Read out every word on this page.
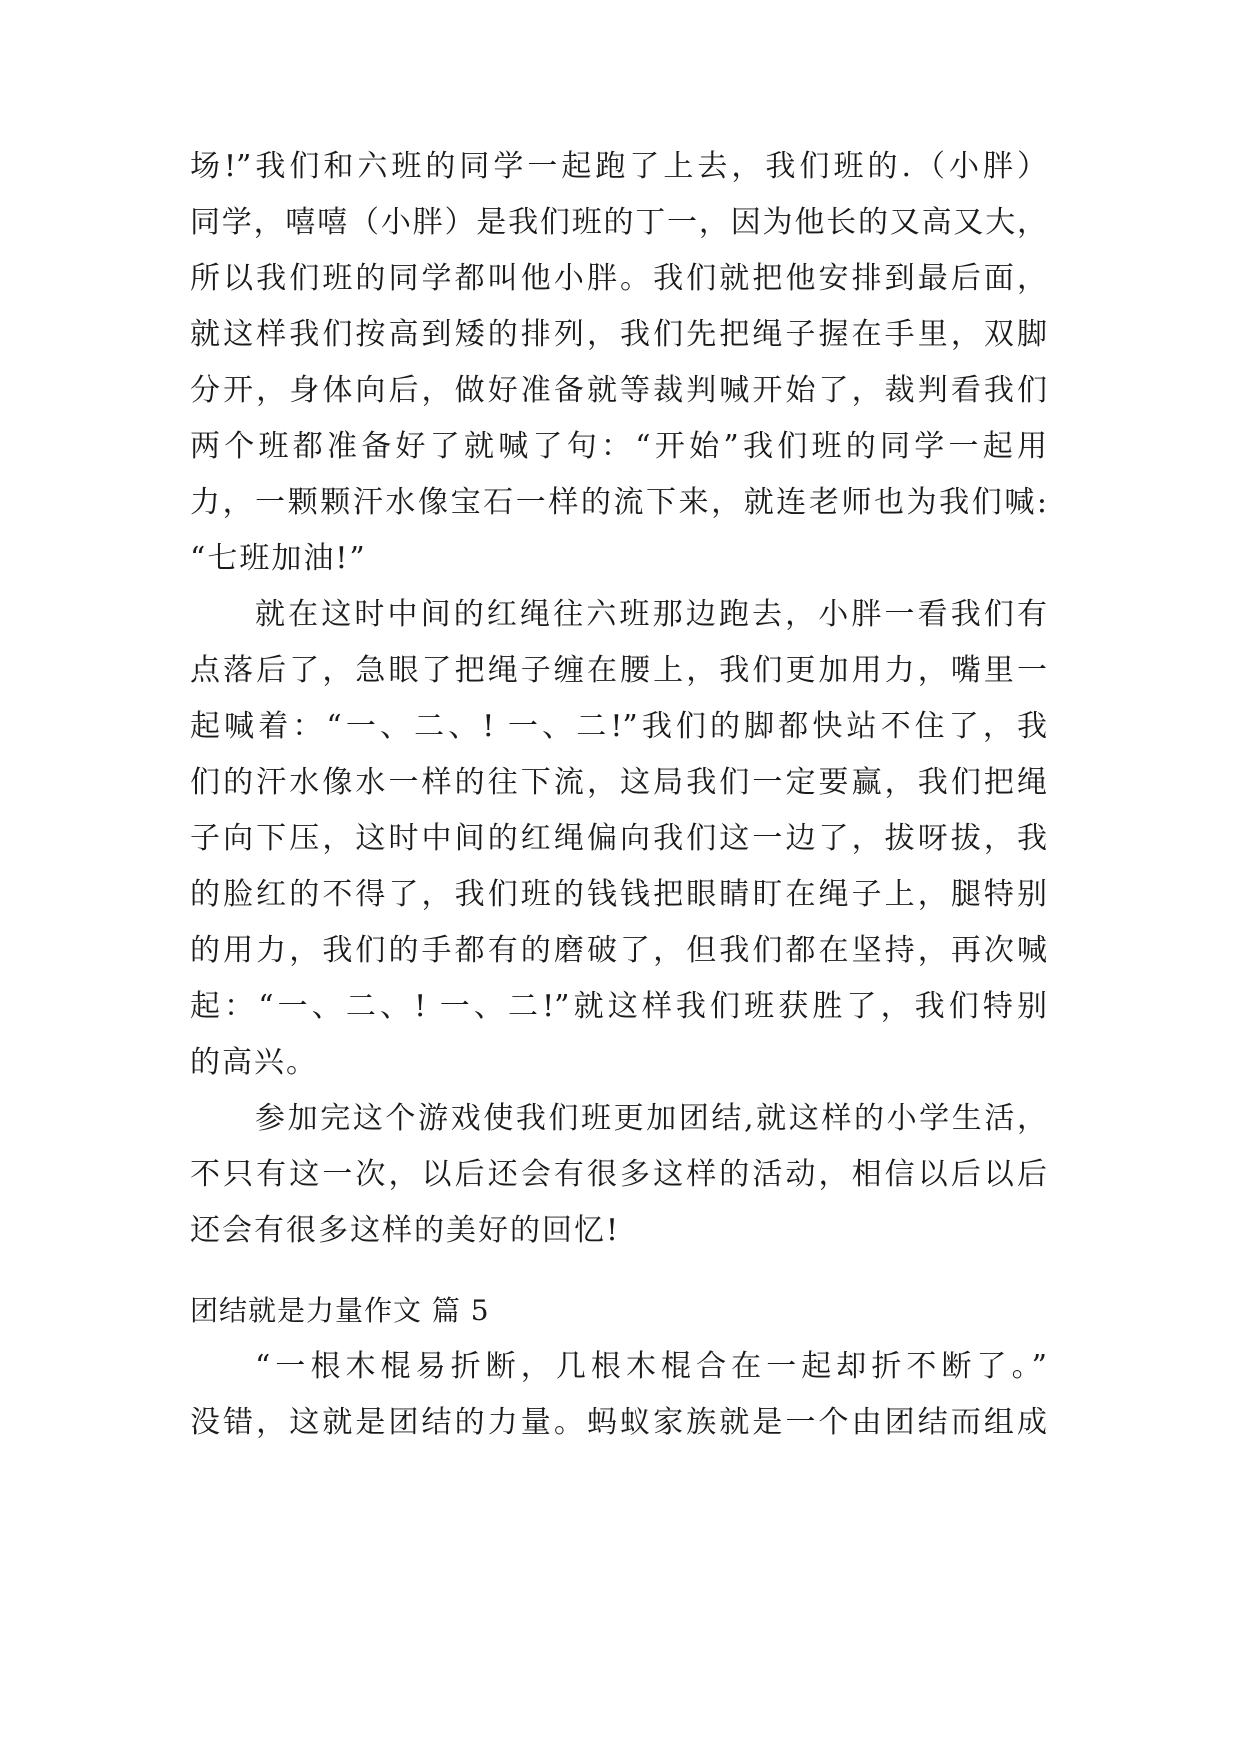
场!”我们和六班的同学一起跑了上去，我们班的.（小胖）
同学，嘻嘻（小胖）是我们班的丁一，因为他长的又高又大，
所以我们班的同学都叫他小胖。我们就把他安排到最后面，
就这样我们按高到矮的排列，我们先把绳子握在手里，双脚
分开，身体向后，做好准备就等裁判喊开始了，裁判看我们
两个班都准备好了就喊了句：“开始”我们班的同学一起用
力，一颗颗汗水像宝石一样的流下来，就连老师也为我们喊:
“七班加油!”
就在这时中间的红绳往六班那边跑去，小胖一看我们有
点落后了，急眼了把绳子缠在腰上，我们更加用力，嘴里一
起喊着：“一、二、! 一、二!”我们的脚都快站不住了，我
们的汗水像水一样的往下流，这局我们一定要赢，我们把绳
子向下压，这时中间的红绳偏向我们这一边了，拔呀拔，我
的脸红的不得了，我们班的钱钱把眼睛盯在绳子上，腿特别
的用力，我们的手都有的磨破了，但我们都在坚持，再次喊
起：“一、二、! 一、二!”就这样我们班获胜了，我们特别
的高兴。
参加完这个游戏使我们班更加团结,就这样的小学生活，
不只有这一次，以后还会有很多这样的活动，相信以后以后
还会有很多这样的美好的回忆!
团结就是力量作文 篇 5
“一根木棍易折断，几根木棍合在一起却折不断了。”
没错，这就是团结的力量。蚂蚁家族就是一个由团结而组成
